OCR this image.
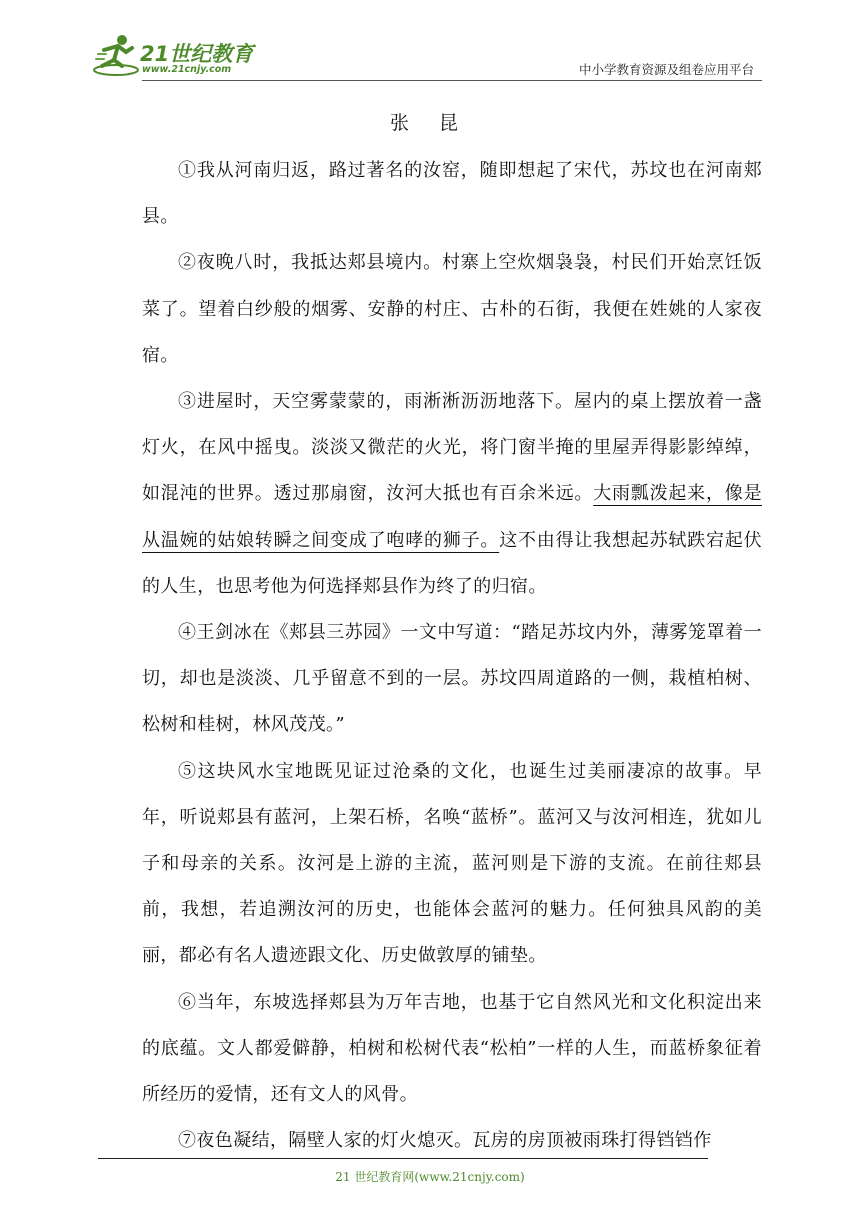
21世纪教育
www.21cnjy.com	中小学教育资源及组卷应用平台
张 昆

①我从河南归返，路过著名的汝窑，随即想起了宋代，苏坟也在河南郏县。

②夜晚八时，我抵达郏县境内。村寨上空炊烟袅袅，村民们开始烹饪饭菜了。望着白纱般的烟雾、安静的村庄、古朴的石街，我便在姓姚的人家夜宿。

③进屋时，天空雾蒙蒙的，雨淅淅沥沥地落下。屋内的桌上摆放着一盏灯火，在风中摇曳。淡淡又微茫的火光，将门窗半掩的里屋弄得影影绰绰，如混沌的世界。透过那扇窗，汝河大抵也有百余米远。大雨瓢泼起来，像是从温婉的姑娘转瞬之间变成了咆哮的狮子。这不由得让我想起苏轼跌宕起伏的人生，也思考他为何选择郏县作为终了的归宿。

④王剑冰在《郏县三苏园》一文中写道：“踏足苏坟内外，薄雾笼罩着一切，却也是淡淡、几乎留意不到的一层。苏坟四周道路的一侧，栽植柏树、松树和桂树，林风茂茂。”

⑤这块风水宝地既见证过沧桑的文化，也诞生过美丽凄凉的故事。早年，听说郏县有蓝河，上架石桥，名唤“蓝桥”。蓝河又与汝河相连，犹如儿子和母亲的关系。汝河是上游的主流，蓝河则是下游的支流。在前往郏县前，我想，若追溯汝河的历史，也能体会蓝河的魅力。任何独具风韵的美丽，都必有名人遗迹跟文化、历史做敦厚的铺垫。

⑥当年，东坡选择郏县为万年吉地，也基于它自然风光和文化积淀出来的底蕴。文人都爱僻静，柏树和松树代表“松柏”一样的人生，而蓝桥象征着所经历的爱情，还有文人的风骨。

⑦夜色凝结，隔壁人家的灯火熄灭。瓦房的房顶被雨珠打得铛铛作

21 世纪教育网(www.21cnjy.com)
